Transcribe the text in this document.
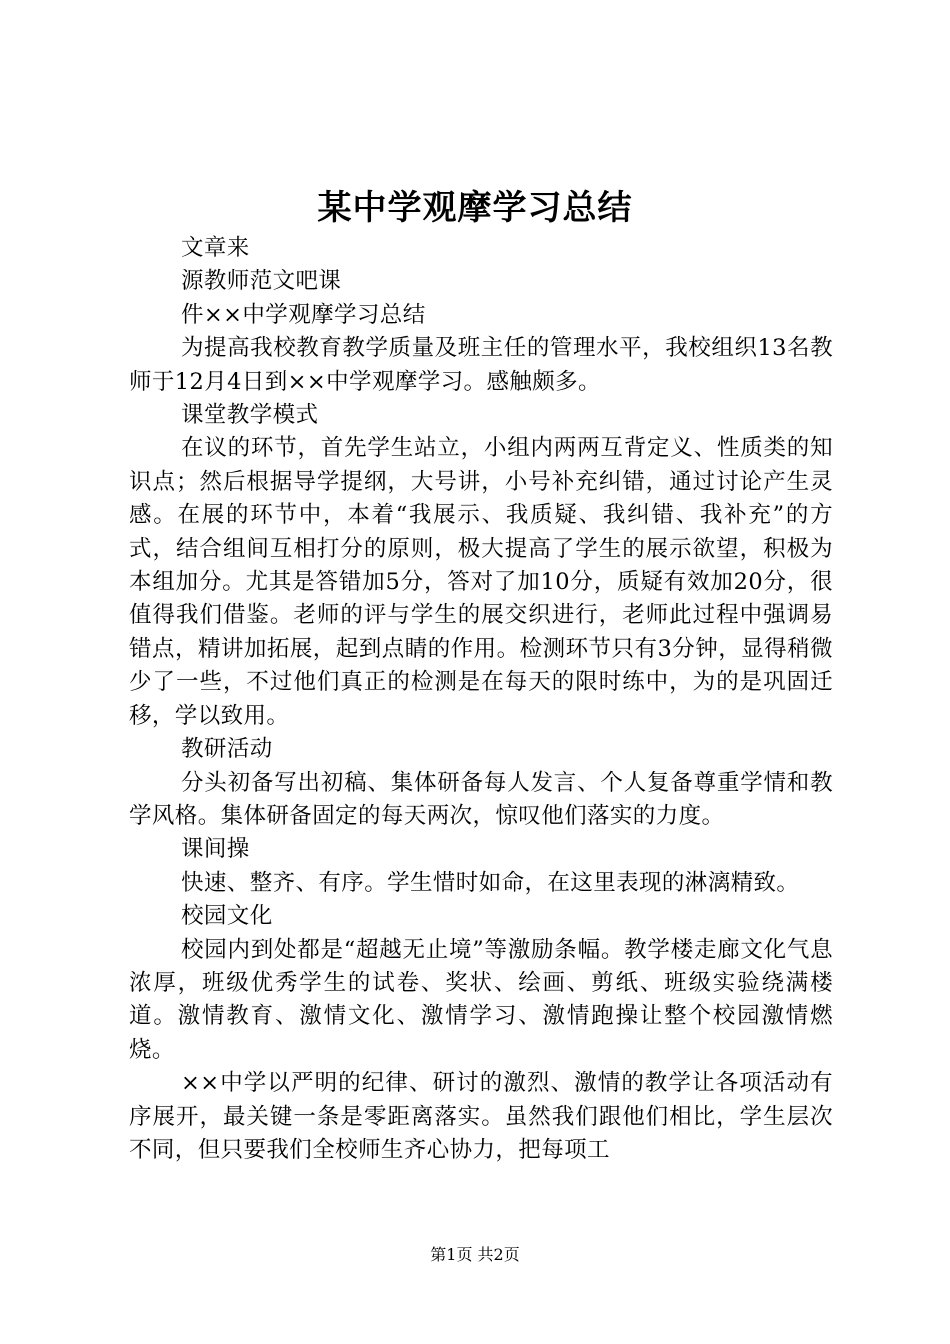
某中学观摩学习总结

文章来

源教师范文吧课

件××中学观摩学习总结

为提高我校教育教学质量及班主任的管理水平，我校组织13名教师于12月4日到××中学观摩学习。感触颇多。

课堂教学模式

在议的环节，首先学生站立，小组内两两互背定义、性质类的知识点；然后根据导学提纲，大号讲，小号补充纠错，通过讨论产生灵感。在展的环节中，本着“我展示、我质疑、我纠错、我补充”的方式，结合组间互相打分的原则，极大提高了学生的展示欲望，积极为本组加分。尤其是答错加5分，答对了加10分，质疑有效加20分，很值得我们借鉴。老师的评与学生的展交织进行，老师此过程中强调易错点，精讲加拓展，起到点睛的作用。检测环节只有3分钟，显得稍微少了一些，不过他们真正的检测是在每天的限时练中，为的是巩固迁移，学以致用。

教研活动

分头初备写出初稿、集体研备每人发言、个人复备尊重学情和教学风格。集体研备固定的每天两次，惊叹他们落实的力度。

课间操

快速、整齐、有序。学生惜时如命，在这里表现的淋漓精致。

校园文化

校园内到处都是“超越无止境”等激励条幅。教学楼走廊文化气息浓厚，班级优秀学生的试卷、奖状、绘画、剪纸、班级实验绕满楼道。激情教育、激情文化、激情学习、激情跑操让整个校园激情燃烧。

××中学以严明的纪律、研讨的激烈、激情的教学让各项活动有序展开，最关键一条是零距离落实。虽然我们跟他们相比，学生层次不同，但只要我们全校师生齐心协力，把每项工

第1页 共2页
